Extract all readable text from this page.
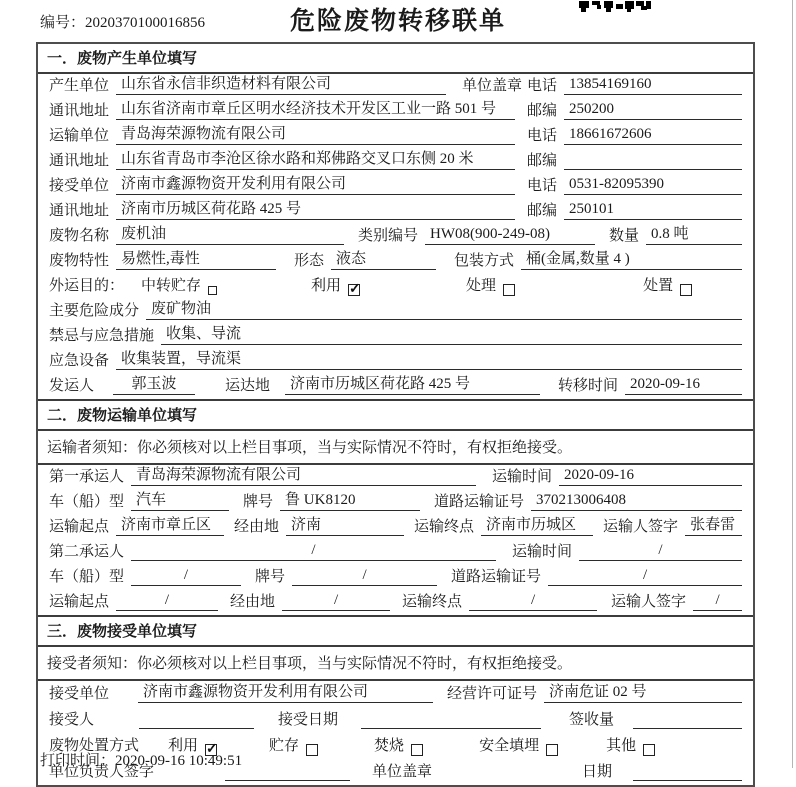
编号：2020370100016856	危险废物转移联单
一．废物产生单位填写
产生单位 山东省永信非织造材料有限公司	单位盖章 电话 13854169160
通讯地址 山东省济南市章丘区明水经济技术开发区工业一路 501 号	邮编 250200
运输单位 青岛海荣源物流有限公司	电话 18661672606
通讯地址 山东省青岛市李沧区徐水路和郑佛路交叉口东侧 20 米	邮编
接受单位 济南市鑫源物资开发利用有限公司	电话 0531-82095390
通讯地址 济南市历城区荷花路 425 号	邮编 250101
废物名称 废机油	类别编号 HW08(900-249-08)	数量 0.8 吨
废物特性 易燃性,毒性	形态 液态	包装方式 桶(金属,数量 4 )
外运目的： 中转贮存	利用 ✓	处理	处置
主要危险成分 废矿物油
禁忌与应急措施 收集、导流
应急设备 收集装置，导流渠
发运人	郭玉波	运达地	济南市历城区荷花路 425 号	转移时间 2020-09-16
二．废物运输单位填写
运输者须知：你必须核对以上栏目事项，当与实际情况不符时，有权拒绝接受。
第一承运人 青岛海荣源物流有限公司	运输时间 2020-09-16
车（船）型 汽车	牌号 鲁 UK8120	道路运输证号 370213006408
运输起点 济南市章丘区	经由地 济南	运输终点 济南市历城区	运输人签字 张春雷
第二承运人	/	运输时间	/
车（船）型	/	牌号	/	道路运输证号	/
运输起点	/	经由地	/	运输终点	/	运输人签字	/
三．废物接受单位填写
接受者须知：你必须核对以上栏目事项，当与实际情况不符时，有权拒绝接受。
接受单位	济南市鑫源物资开发利用有限公司	经营许可证号 济南危证 02 号
接受人	接受日期	签收量
废物处置方式 利用 ✓	贮存	焚烧	安全填埋	其他
单位负责人签字	单位盖章	日期
打印时间：2020-09-16 10:49:51
